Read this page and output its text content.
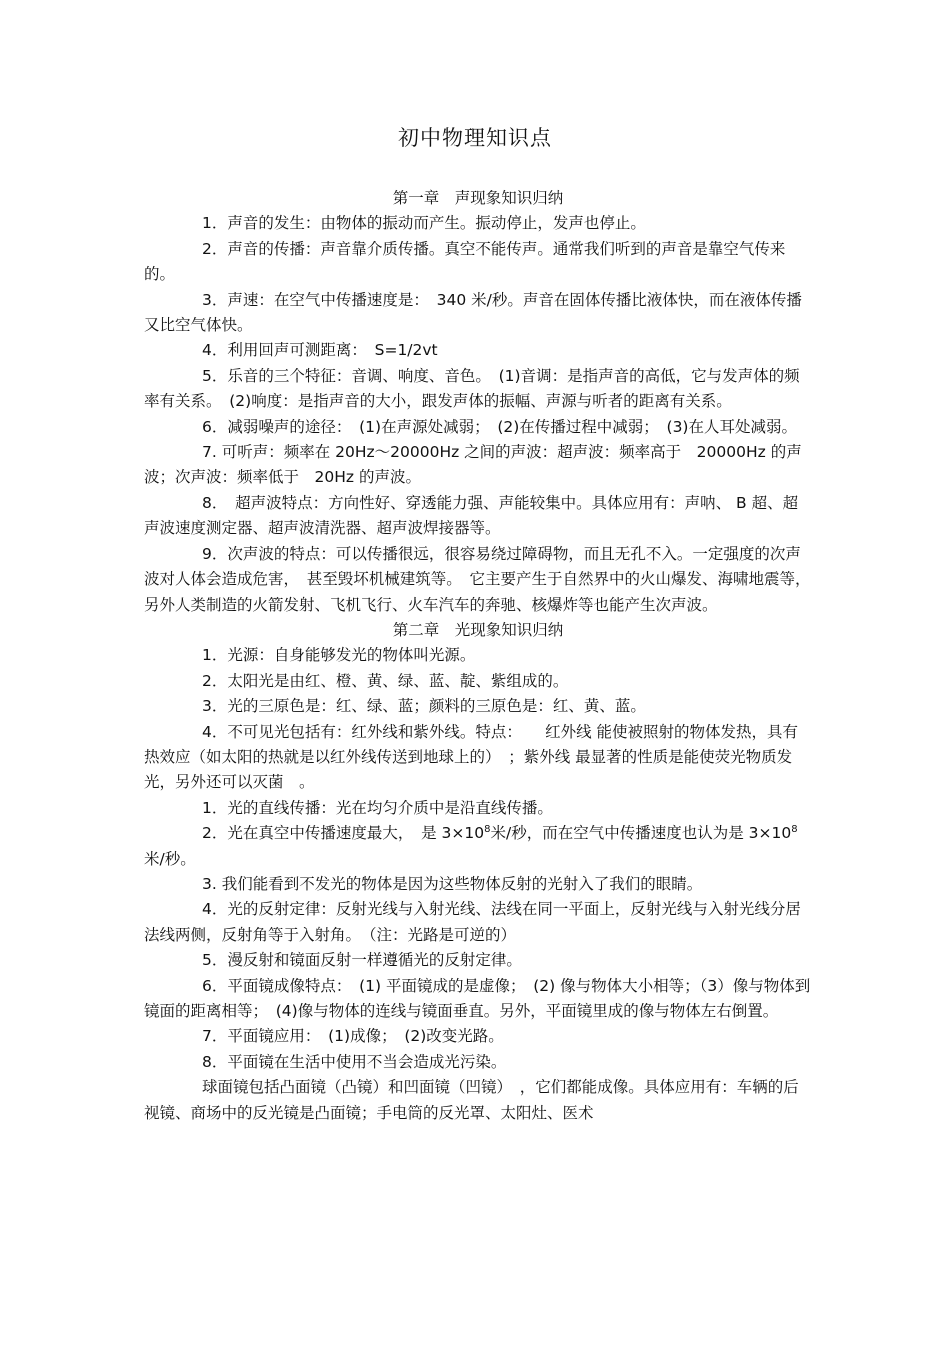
初中物理知识点
第一章　声现象知识归纳

1．声音的发生：由物体的振动而产生。振动停止，发声也停止。

2．声音的传播：声音靠介质传播。真空不能传声。通常我们听到的声音是靠空气传来的。

3．声速：在空气中传播速度是：　340 米/秒。声音在固体传播比液体快，而在液体传播又比空气体快。

4．利用回声可测距离：　S=1/2vt

5．乐音的三个特征：音调、响度、音色。　(1)音调：是指声音的高低，它与发声体的频率有关系。　(2)响度：是指声音的大小，跟发声体的振幅、声源与听者的距离有关系。

6．减弱噪声的途径：　(1)在声源处减弱；　(2)在传播过程中减弱；　(3)在人耳处减弱。

7. 可听声：频率在 20Hz～20000Hz 之间的声波：超声波：频率高于　20000Hz 的声波；次声波：频率低于　20Hz 的声波。

8．　超声波特点：方向性好、穿透能力强、声能较集中。具体应用有：声呐、 B 超、超声波速度测定器、超声波清洗器、超声波焊接器等。

9．次声波的特点：可以传播很远，很容易绕过障碍物，而且无孔不入。一定强度的次声波对人体会造成危害，　甚至毁坏机械建筑等。　它主要产生于自然界中的火山爆发、海啸地震等，另外人类制造的火箭发射、飞机飞行、火车汽车的奔驰、核爆炸等也能产生次声波。

第二章　光现象知识归纳

1．光源：自身能够发光的物体叫光源。

2．太阳光是由红、橙、黄、绿、蓝、靛、紫组成的。

3．光的三原色是：红、绿、蓝；颜料的三原色是：红、黄、蓝。

4．不可见光包括有：红外线和紫外线。特点：　　红外线 能使被照射的物体发热，具有热效应（如太阳的热就是以红外线传送到地球上的）　；紫外线 最显著的性质是能使荧光物质发光，另外还可以灭菌　。

1．光的直线传播：光在均匀介质中是沿直线传播。

2．光在真空中传播速度最大，　是 $3\times 10^8$米/秒，而在空气中传播速度也认为是 $3\times 10^8$米/秒。

3. 我们能看到不发光的物体是因为这些物体反射的光射入了我们的眼睛。

4．光的反射定律：反射光线与入射光线、法线在同一平面上，反射光线与入射光线分居法线两侧，反射角等于入射角。　（注：光路是可逆的）

5．漫反射和镜面反射一样遵循光的反射定律。

6．平面镜成像特点：　(1) 平面镜成的是虚像；　(2) 像与物体大小相等；（3）像与物体到镜面的距离相等；　(4)像与物体的连线与镜面垂直。另外，平面镜里成的像与物体左右倒置。

7．平面镜应用：　(1)成像；　(2)改变光路。

8．平面镜在生活中使用不当会造成光污染。

球面镜包括凸面镜（凸镜）和凹面镜（凹镜）　，它们都能成像。具体应用有：车辆的后视镜、商场中的反光镜是凸面镜；手电筒的反光罩、太阳灶、医术
